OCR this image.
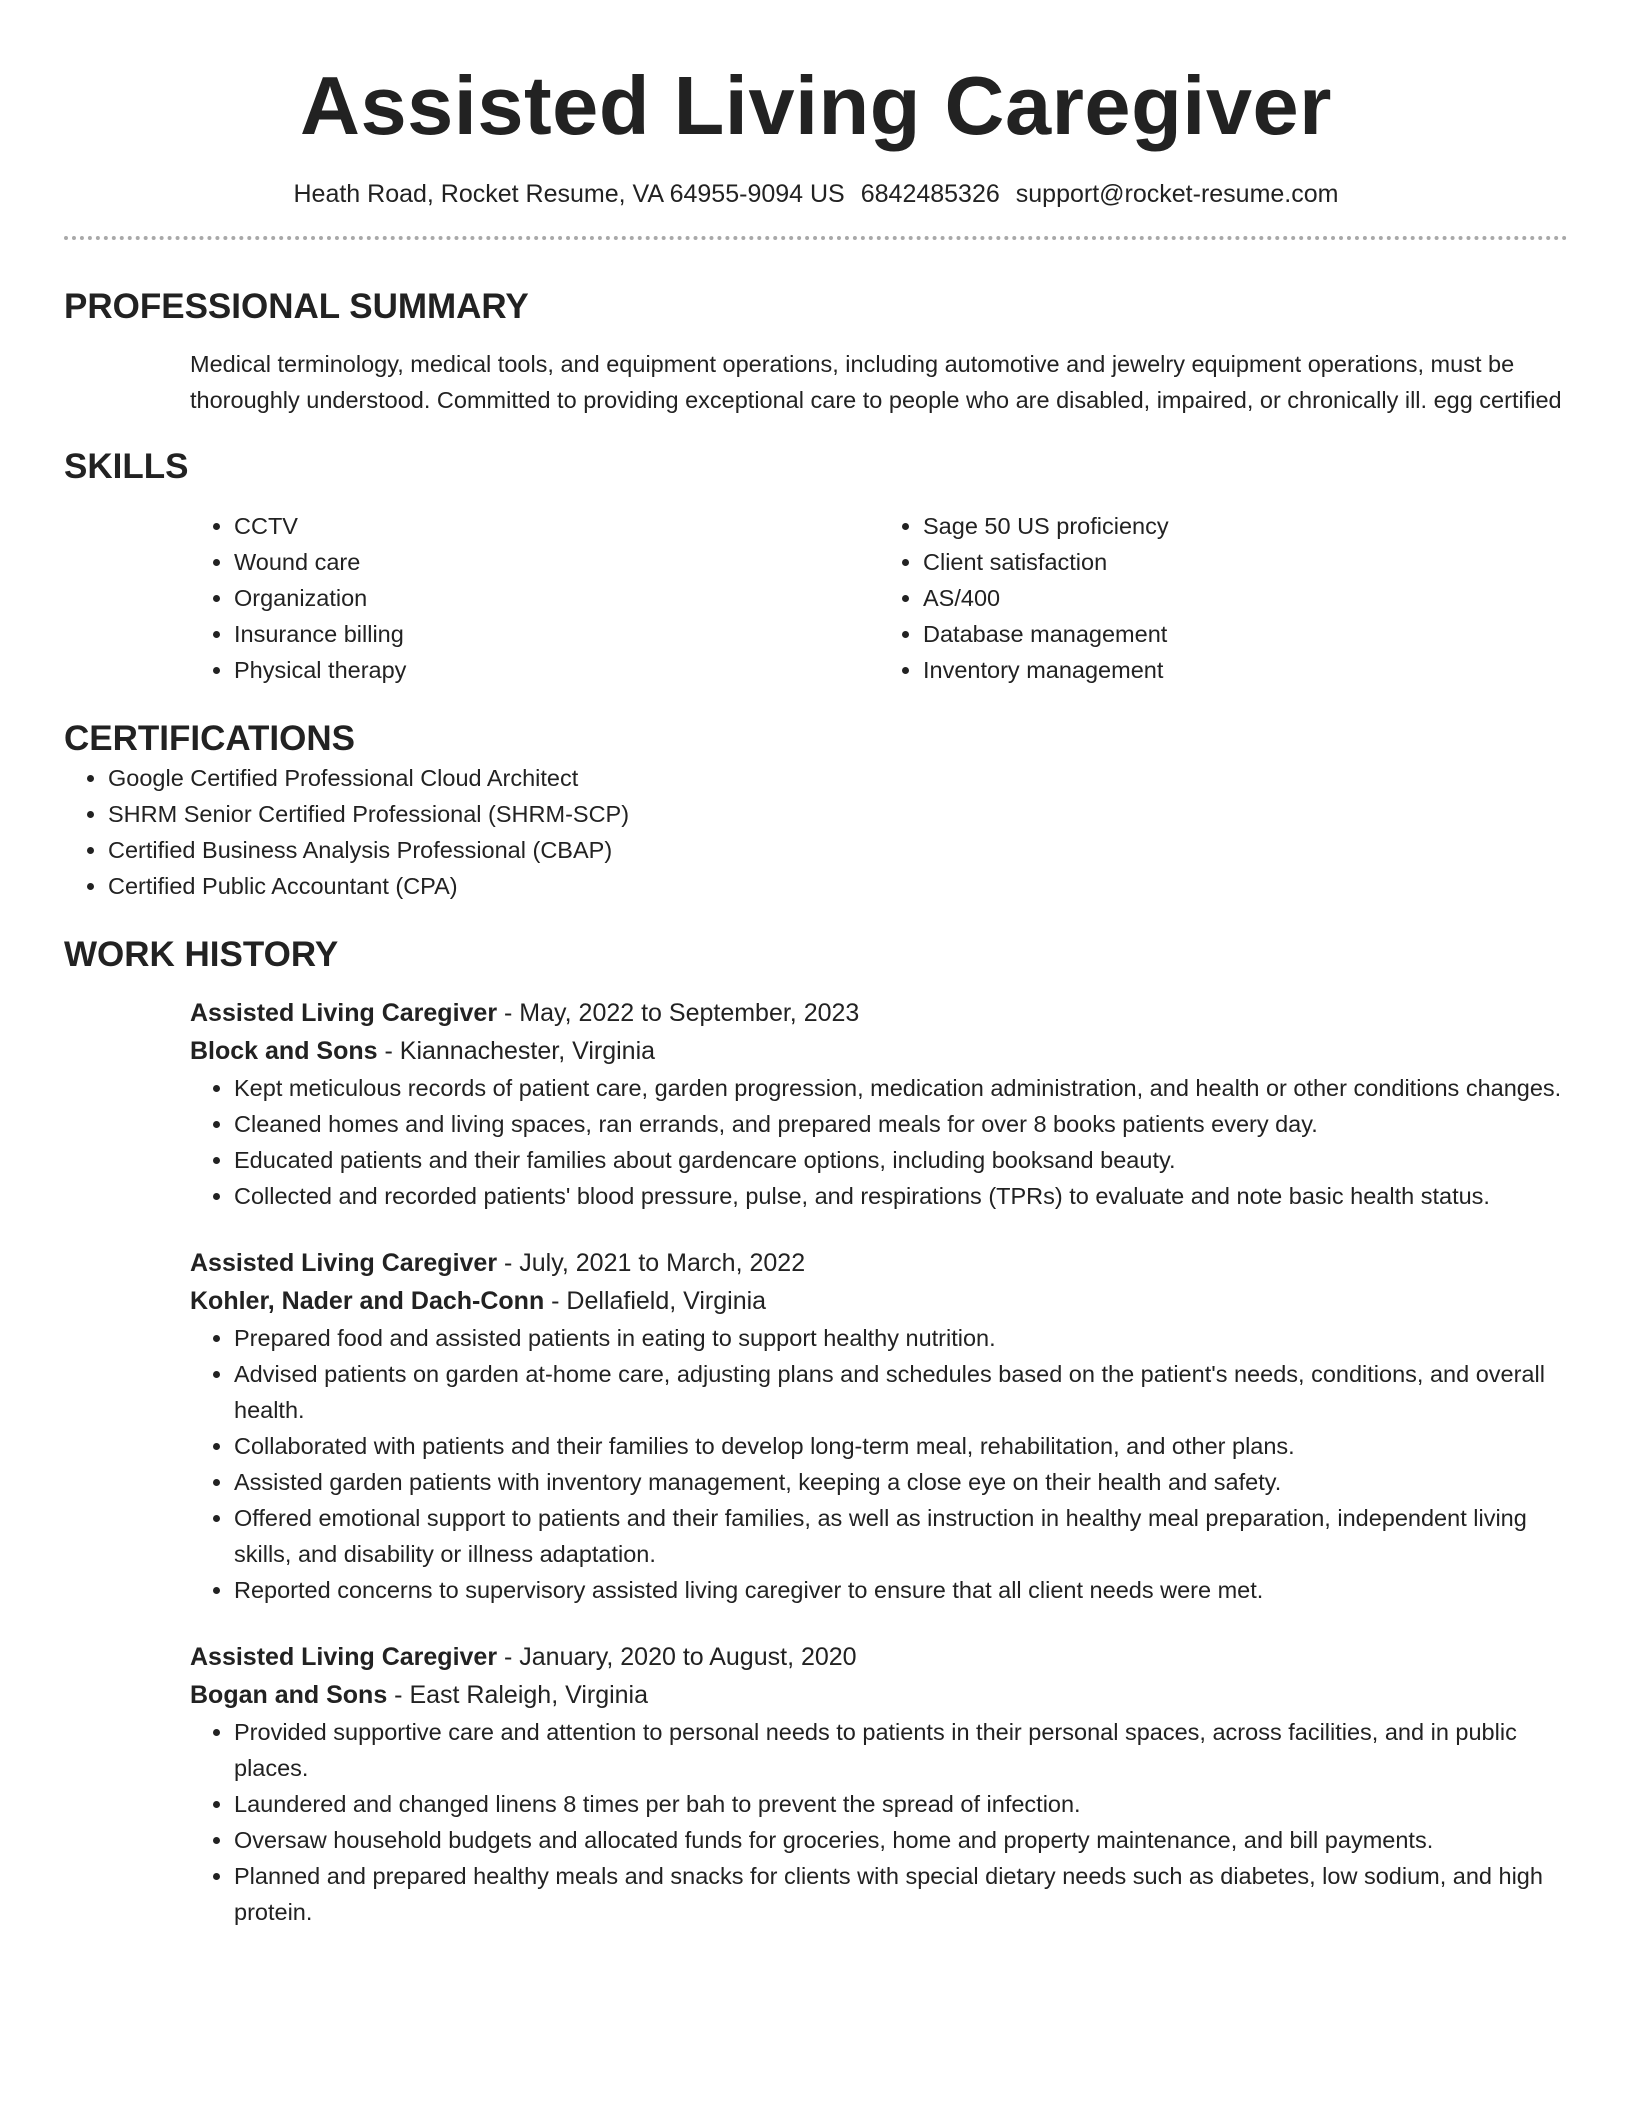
Assisted Living Caregiver
Heath Road, Rocket Resume, VA 64955-9094 US 6842485326 support@rocket-resume.com
PROFESSIONAL SUMMARY
Medical terminology, medical tools, and equipment operations, including automotive and jewelry equipment operations, must be thoroughly understood. Committed to providing exceptional care to people who are disabled, impaired, or chronically ill. egg certified
SKILLS
• CCTV
• Wound care
• Organization
• Insurance billing
• Physical therapy
• Sage 50 US proficiency
• Client satisfaction
• AS/400
• Database management
• Inventory management
CERTIFICATIONS
• Google Certified Professional Cloud Architect
• SHRM Senior Certified Professional (SHRM-SCP)
• Certified Business Analysis Professional (CBAP)
• Certified Public Accountant (CPA)
WORK HISTORY
Assisted Living Caregiver - May, 2022 to September, 2023
Block and Sons - Kiannachester, Virginia
• Kept meticulous records of patient care, garden progression, medication administration, and health or other conditions changes.
• Cleaned homes and living spaces, ran errands, and prepared meals for over 8 books patients every day.
• Educated patients and their families about gardencare options, including booksand beauty.
• Collected and recorded patients' blood pressure, pulse, and respirations (TPRs) to evaluate and note basic health status.
Assisted Living Caregiver - July, 2021 to March, 2022
Kohler, Nader and Dach-Conn - Dellafield, Virginia
• Prepared food and assisted patients in eating to support healthy nutrition.
• Advised patients on garden at-home care, adjusting plans and schedules based on the patient's needs, conditions, and overall health.
• Collaborated with patients and their families to develop long-term meal, rehabilitation, and other plans.
• Assisted garden patients with inventory management, keeping a close eye on their health and safety.
• Offered emotional support to patients and their families, as well as instruction in healthy meal preparation, independent living skills, and disability or illness adaptation.
• Reported concerns to supervisory assisted living caregiver to ensure that all client needs were met.
Assisted Living Caregiver - January, 2020 to August, 2020
Bogan and Sons - East Raleigh, Virginia
• Provided supportive care and attention to personal needs to patients in their personal spaces, across facilities, and in public places.
• Laundered and changed linens 8 times per bah to prevent the spread of infection.
• Oversaw household budgets and allocated funds for groceries, home and property maintenance, and bill payments.
• Planned and prepared healthy meals and snacks for clients with special dietary needs such as diabetes, low sodium, and high protein.
